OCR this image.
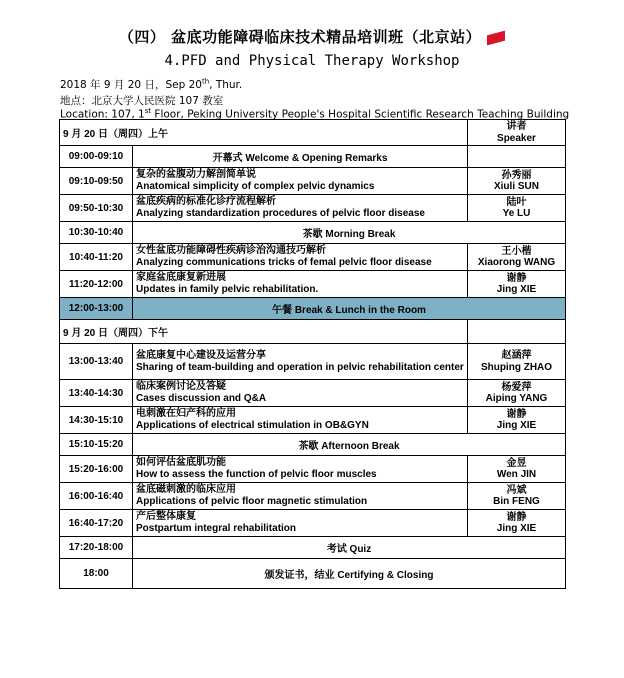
（四） 盆底功能障碍临床技术精品培训班（北京站）
4.PFD and Physical Therapy Workshop
2018 年 9 月 20 日，Sep 20th, Thur.
地点：北京大学人民医院 107 教室
Location: 107, 1st Floor, Peking University People's Hospital Scientific Research Teaching Building
9 月 20 日（周四）上午		讲者
Speaker

09:00-09:10	开幕式 Welcome & Opening Remarks	
09:10-09:50	复杂的盆腹动力解剖简单说
Anatomical simplicity of complex pelvic dynamics	孙秀丽
Xiuli SUN

09:50-10:30	盆底疾病的标准化诊疗流程解析
Analyzing standardization procedures of pelvic floor disease	陆叶
Ye LU

10:30-10:40	茶歇 Morning Break	
10:40-11:20	女性盆底功能障碍性疾病诊治沟通技巧解析
Analyzing communications tricks of femal pelvic floor disease	王小楷
Xiaorong WANG

11:20-12:00	家庭盆底康复新进展
Updates in family pelvic rehabilitation.	谢静
Jing XIE

12:00-13:00	午餐 Break & Lunch in the Room	
9 月 20 日（周四）下午		
13:00-13:40	盆底康复中心建设及运营分享
Sharing of team-building and operation in pelvic rehabilitation center	赵涵萍
Shuping ZHAO

13:40-14:30	临床案例讨论及答疑
Cases discussion and Q&A	杨爱萍
Aiping YANG

14:30-15:10	电刺激在妇产科的应用
Applications of electrical stimulation in OB&GYN	谢静
Jing XIE

15:10-15:20	茶歇 Afternoon Break	
15:20-16:00	如何评估盆底肌功能
How to assess the function of pelvic floor muscles	金昱
Wen JIN

16:00-16:40	盆底磁刺激的临床应用
Applications of pelvic floor magnetic stimulation	冯斌
Bin FENG

16:40-17:20	产后整体康复
Postpartum integral rehabilitation	谢静
Jing XIE

17:20-18:00	考试 Quiz	
18:00	颁发证书，结业 Certifying & Closing	
